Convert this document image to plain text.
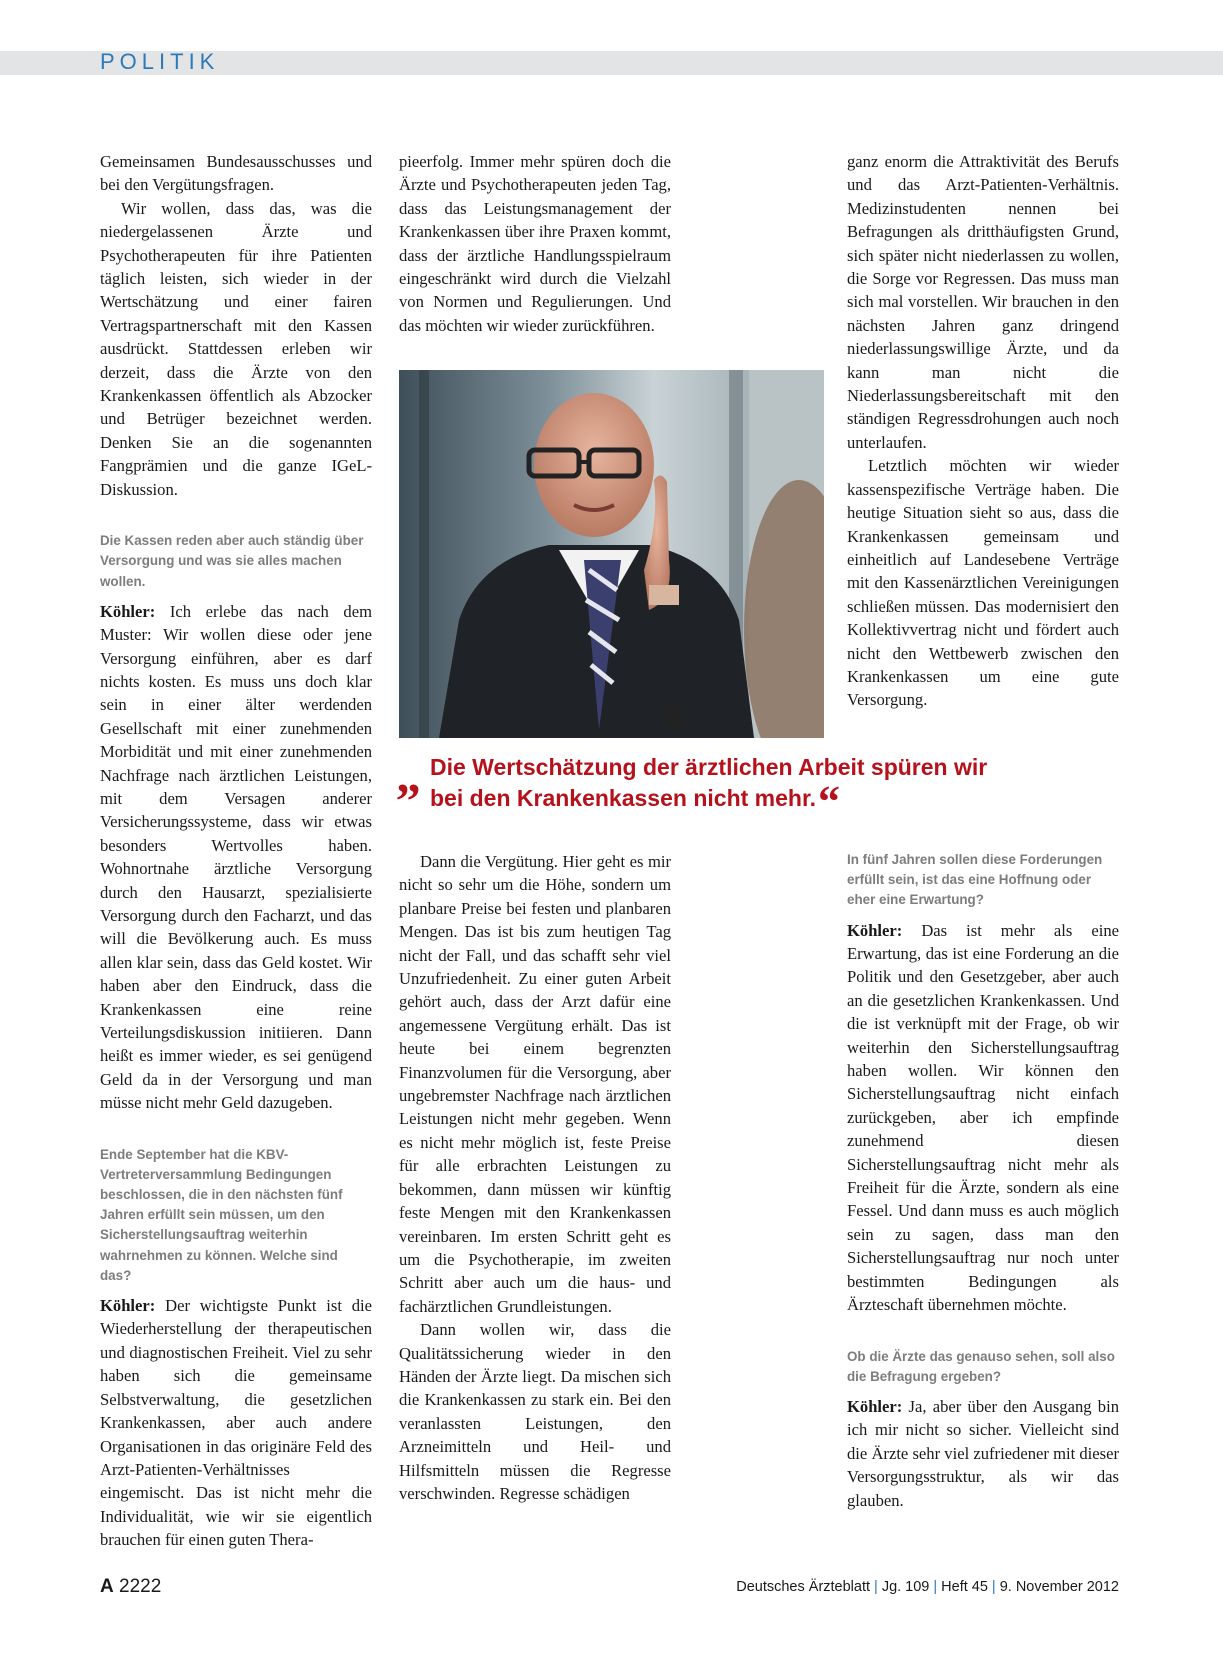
POLITIK

Gemeinsamen Bundesausschusses und bei den Vergütungsfragen.

Wir wollen, dass das, was die niedergelassenen Ärzte und Psychotherapeuten für ihre Patienten täglich leisten, sich wieder in der Wertschätzung und einer fairen Vertragspartnerschaft mit den Kassen ausdrückt. Stattdessen erleben wir derzeit, dass die Ärzte von den Krankenkassen öffentlich als Abzocker und Betrüger bezeichnet werden. Denken Sie an die sogenannten Fangprämien und die ganze IGeL-Diskussion.

Die Kassen reden aber auch ständig über Versorgung und was sie alles machen wollen.

Köhler: Ich erlebe das nach dem Muster: Wir wollen diese oder jene Versorgung einführen, aber es darf nichts kosten. Es muss uns doch klar sein in einer älter werdenden Gesellschaft mit einer zunehmenden Morbidität und mit einer zunehmenden Nachfrage nach ärztlichen Leistungen, mit dem Versagen anderer Versicherungssysteme, dass wir etwas besonders Wertvolles haben. Wohnortnahe ärztliche Versorgung durch den Hausarzt, spezialisierte Versorgung durch den Facharzt, und das will die Bevölkerung auch. Es muss allen klar sein, dass das Geld kostet. Wir haben aber den Eindruck, dass die Krankenkassen eine reine Verteilungsdiskussion initiieren. Dann heißt es immer wieder, es sei genügend Geld da in der Versorgung und man müsse nicht mehr Geld dazugeben.

Ende September hat die KBV-Vertreterversammlung Bedingungen beschlossen, die in den nächsten fünf Jahren erfüllt sein müssen, um den Sicherstellungsauftrag weiterhin wahrnehmen zu können. Welche sind das?

Köhler: Der wichtigste Punkt ist die Wiederherstellung der therapeutischen und diagnostischen Freiheit. Viel zu sehr haben sich die gemeinsame Selbstverwaltung, die gesetzlichen Krankenkassen, aber auch andere Organisationen in das originäre Feld des Arzt-Patienten-Verhältnisses eingemischt. Das ist nicht mehr die Individualität, wie wir sie eigentlich brauchen für einen guten Thera-

pieerfolg. Immer mehr spüren doch die Ärzte und Psychotherapeuten jeden Tag, dass das Leistungsmanagement der Krankenkassen über ihre Praxen kommt, dass der ärztliche Handlungsspielraum eingeschränkt wird durch die Vielzahl von Normen und Regulierungen. Und das möchten wir wieder zurückführen.

„ Die Wertschätzung der ärztlichen Arbeit spüren wir
bei den Krankenkassen nicht mehr.“

Dann die Vergütung. Hier geht es mir nicht so sehr um die Höhe, sondern um planbare Preise bei festen und planbaren Mengen. Das ist bis zum heutigen Tag nicht der Fall, und das schafft sehr viel Unzufriedenheit. Zu einer guten Arbeit gehört auch, dass der Arzt dafür eine angemessene Vergütung erhält. Das ist heute bei einem begrenzten Finanzvolumen für die Versorgung, aber ungebremster Nachfrage nach ärztlichen Leistungen nicht mehr gegeben. Wenn es nicht mehr möglich ist, feste Preise für alle erbrachten Leistungen zu bekommen, dann müssen wir künftig feste Mengen mit den Krankenkassen vereinbaren. Im ersten Schritt geht es um die Psychotherapie, im zweiten Schritt aber auch um die haus- und fachärztlichen Grundleistungen.

Dann wollen wir, dass die Qualitätssicherung wieder in den Händen der Ärzte liegt. Da mischen sich die Krankenkassen zu stark ein. Bei den veranlassten Leistungen, den Arzneimitteln und Heil- und Hilfsmitteln müssen die Regresse verschwinden. Regresse schädigen

ganz enorm die Attraktivität des Berufs und das Arzt-Patienten-Verhältnis. Medizinstudenten nennen bei Befragungen als dritthäufigsten Grund, sich später nicht niederlassen zu wollen, die Sorge vor Regressen. Das muss man sich mal vorstellen. Wir brauchen in den nächsten Jahren ganz dringend niederlassungswillige Ärzte, und da kann man nicht die Niederlassungsbereitschaft mit den ständigen Regressdrohungen auch noch unterlaufen.

Letztlich möchten wir wieder kassenspezifische Verträge haben. Die heutige Situation sieht so aus, dass die Krankenkassen gemeinsam und einheitlich auf Landesebene Verträge mit den Kassenärztlichen Vereinigungen schließen müssen. Das modernisiert den Kollektivvertrag nicht und fördert auch nicht den Wettbewerb zwischen den Krankenkassen um eine gute Versorgung.

In fünf Jahren sollen diese Forderungen erfüllt sein, ist das eine Hoffnung oder eher eine Erwartung?

Köhler: Das ist mehr als eine Erwartung, das ist eine Forderung an die Politik und den Gesetzgeber, aber auch an die gesetzlichen Krankenkassen. Und die ist verknüpft mit der Frage, ob wir weiterhin den Sicherstellungsauftrag haben wollen. Wir können den Sicherstellungsauftrag nicht einfach zurückgeben, aber ich empfinde zunehmend diesen Sicherstellungsauftrag nicht mehr als Freiheit für die Ärzte, sondern als eine Fessel. Und dann muss es auch möglich sein zu sagen, dass man den Sicherstellungsauftrag nur noch unter bestimmten Bedingungen als Ärzteschaft übernehmen möchte.

Ob die Ärzte das genauso sehen, soll also die Befragung ergeben?

Köhler: Ja, aber über den Ausgang bin ich mir nicht so sicher. Vielleicht sind die Ärzte sehr viel zufriedener mit dieser Versorgungsstruktur, als wir das glauben.

A 2222	Deutsches Ärzteblatt | Jg. 109 | Heft 45 | 9. November 2012
